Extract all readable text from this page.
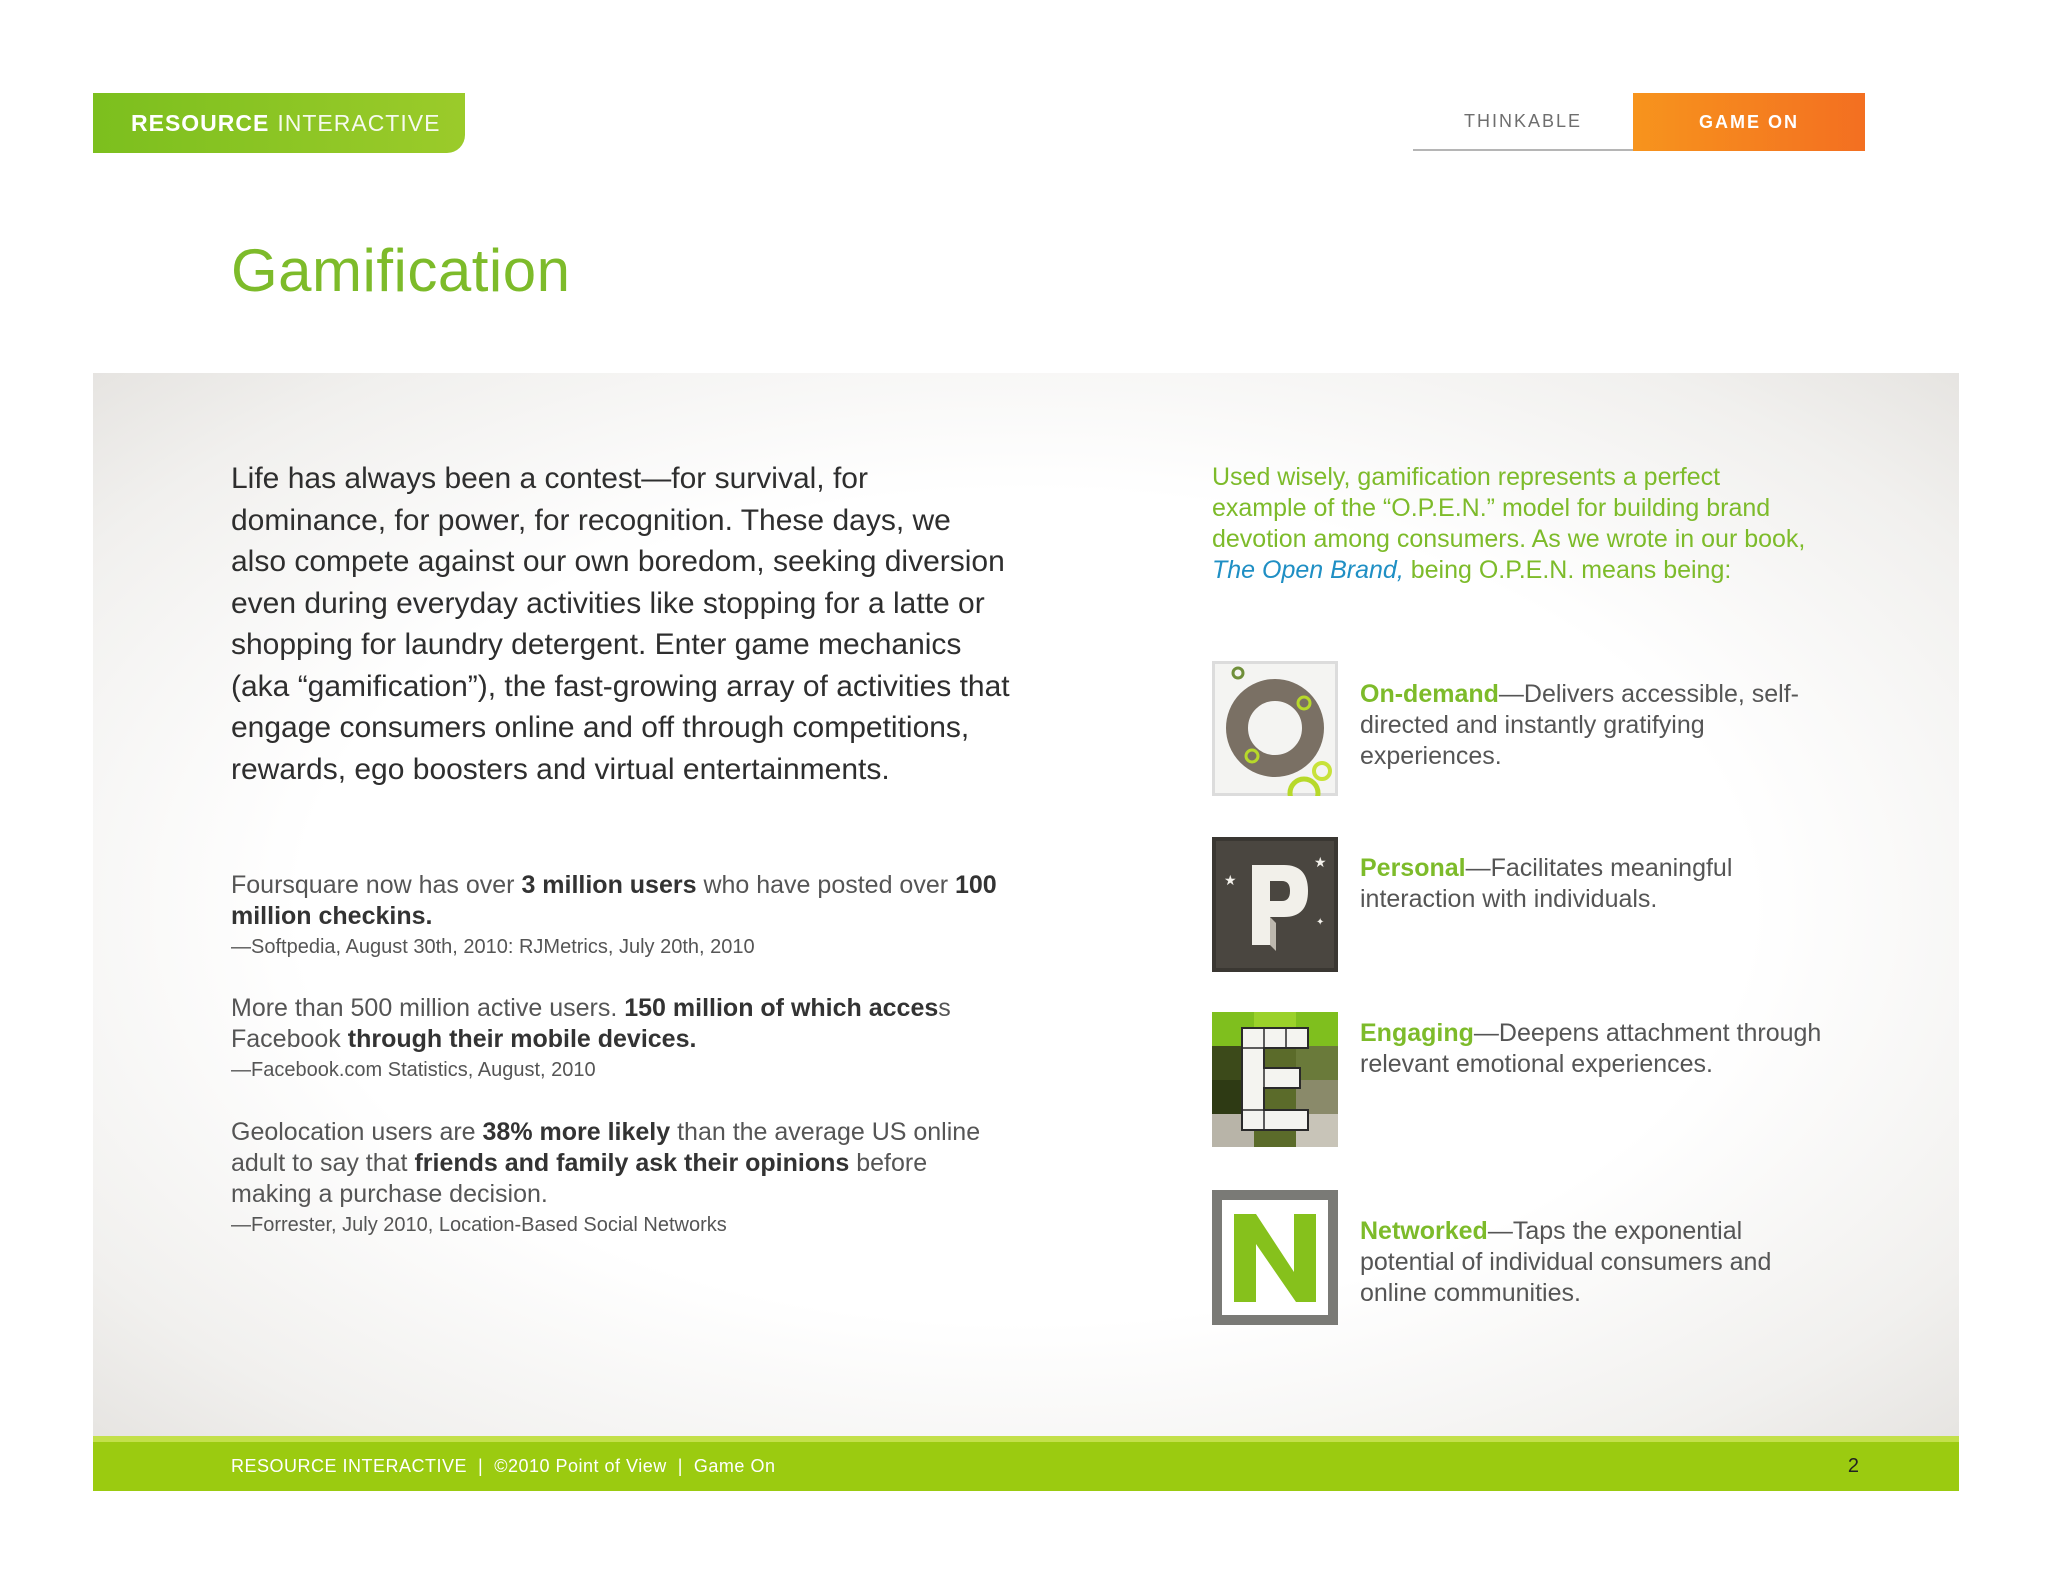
RESOURCE INTERACTIVE	THINKABLE	GAME ON
Gamification

Life has always been a contest—for survival, for dominance, for power, for recognition. These days, we also compete against our own boredom, seeking diversion even during everyday activities like stopping for a latte or shopping for laundry detergent. Enter game mechanics (aka “gamification”), the fast-growing array of activities that engage consumers online and off through competitions, rewards, ego boosters and virtual entertainments.

Foursquare now has over 3 million users who have posted over 100 million checkins.
—Softpedia, August 30th, 2010: RJMetrics, July 20th, 2010
More than 500 million active users. 150 million of which access Facebook through their mobile devices.
—Facebook.com Statistics, August, 2010
Geolocation users are 38% more likely than the average US online adult to say that friends and family ask their opinions before making a purchase decision.
—Forrester, July 2010, Location-Based Social Networks

Used wisely, gamification represents a perfect example of the “O.P.E.N.” model for building brand devotion among consumers. As we wrote in our book, The Open Brand, being O.P.E.N. means being:

On-demand—Delivers accessible, self-directed and instantly gratifying experiences.
★
★
✦
Personal—Facilitates meaningful interaction with individuals.
Engaging—Deepens attachment through relevant emotional experiences.
Networked—Taps the exponential potential of individual consumers and online communities.
RESOURCE INTERACTIVE  |  ©2010 Point of View  |  Game On	2
